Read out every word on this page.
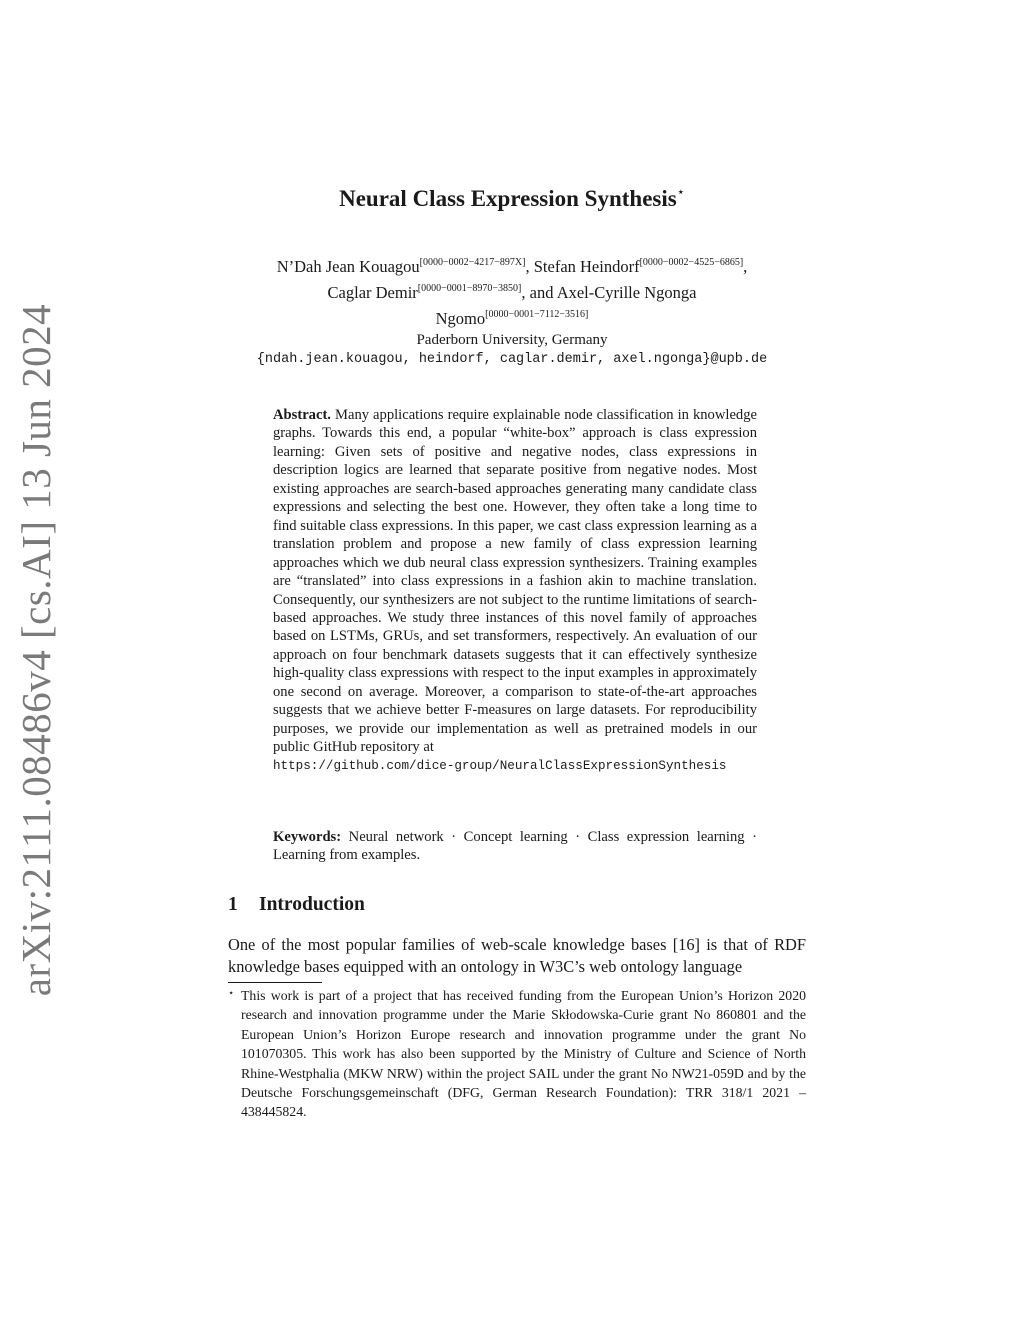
arXiv:2111.08486v4 [cs.AI] 13 Jun 2024
Neural Class Expression Synthesis⋆
N’Dah Jean Kouagou[0000−0002−4217−897X], Stefan Heindorf[0000−0002−4525−6865],
Caglar Demir[0000−0001−8970−3850], and Axel-Cyrille Ngonga
Ngomo[0000−0001−7112−3516]
Paderborn University, Germany
{ndah.jean.kouagou, heindorf, caglar.demir, axel.ngonga}@upb.de
Abstract. Many applications require explainable node classification in knowledge graphs. Towards this end, a popular “white-box” approach is class expression learning: Given sets of positive and negative nodes, class expressions in description logics are learned that separate positive from negative nodes. Most existing approaches are search-based approaches generating many candidate class expressions and selecting the best one. However, they often take a long time to find suitable class expressions. In this paper, we cast class expression learning as a translation problem and propose a new family of class expression learning approaches which we dub neural class expression synthesizers. Training examples are “translated” into class expressions in a fashion akin to machine translation. Consequently, our synthesizers are not subject to the runtime limitations of search-based approaches. We study three instances of this novel family of approaches based on LSTMs, GRUs, and set transformers, respectively. An evaluation of our approach on four benchmark datasets suggests that it can effectively synthesize high-quality class expressions with respect to the input examples in approximately one second on average. Moreover, a comparison to state-of-the-art approaches suggests that we achieve better F-measures on large datasets. For reproducibility purposes, we provide our implementation as well as pretrained models in our public GitHub repository at
https://github.com/dice-group/NeuralClassExpressionSynthesis
Keywords: Neural network · Concept learning · Class expression learning · Learning from examples.
1 Introduction

One of the most popular families of web-scale knowledge bases [16] is that of RDF knowledge bases equipped with an ontology in W3C’s web ontology language

⋆ This work is part of a project that has received funding from the European Union’s Horizon 2020 research and innovation programme under the Marie Skłodowska-Curie grant No 860801 and the European Union’s Horizon Europe research and innovation programme under the grant No 101070305. This work has also been supported by the Ministry of Culture and Science of North Rhine-Westphalia (MKW NRW) within the project SAIL under the grant No NW21-059D and by the Deutsche Forschungsgemeinschaft (DFG, German Research Foundation): TRR 318/1 2021 – 438445824.
